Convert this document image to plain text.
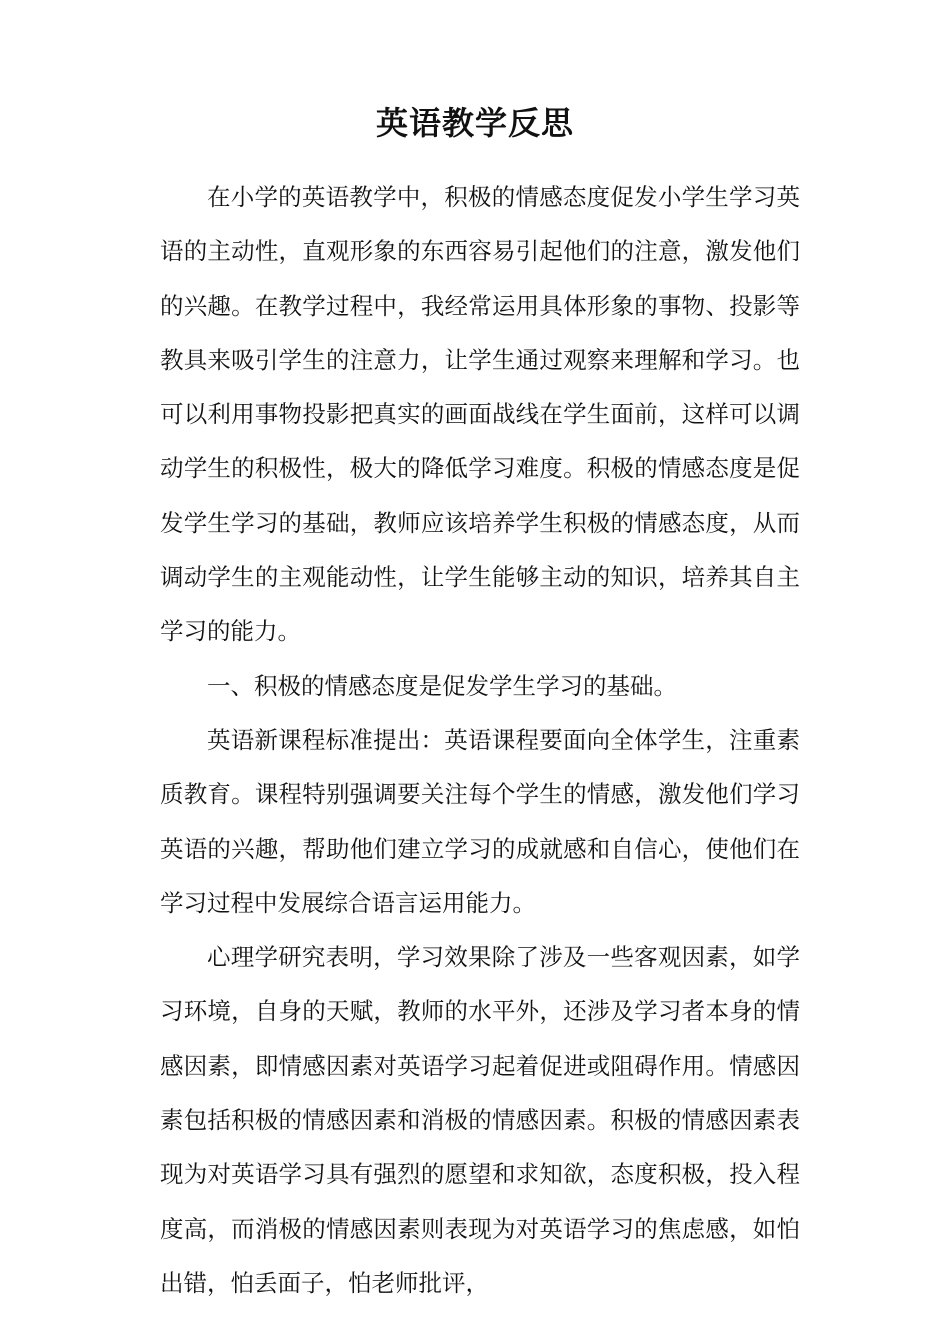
英语教学反思

在小学的英语教学中，积极的情感态度促发小学生学习英语的主动性，直观形象的东西容易引起他们的注意，激发他们的兴趣。在教学过程中，我经常运用具体形象的事物、投影等教具来吸引学生的注意力，让学生通过观察来理解和学习。也可以利用事物投影把真实的画面战线在学生面前，这样可以调动学生的积极性，极大的降低学习难度。积极的情感态度是促发学生学习的基础，教师应该培养学生积极的情感态度，从而调动学生的主观能动性，让学生能够主动的知识，培养其自主学习的能力。

一、积极的情感态度是促发学生学习的基础。

英语新课程标准提出：英语课程要面向全体学生，注重素质教育。课程特别强调要关注每个学生的情感，激发他们学习英语的兴趣，帮助他们建立学习的成就感和自信心，使他们在学习过程中发展综合语言运用能力。

心理学研究表明，学习效果除了涉及一些客观因素，如学习环境，自身的天赋，教师的水平外，还涉及学习者本身的情感因素，即情感因素对英语学习起着促进或阻碍作用。情感因素包括积极的情感因素和消极的情感因素。积极的情感因素表现为对英语学习具有强烈的愿望和求知欲，态度积极，投入程度高，而消极的情感因素则表现为对英语学习的焦虑感，如怕出错，怕丢面子，怕老师批评，
